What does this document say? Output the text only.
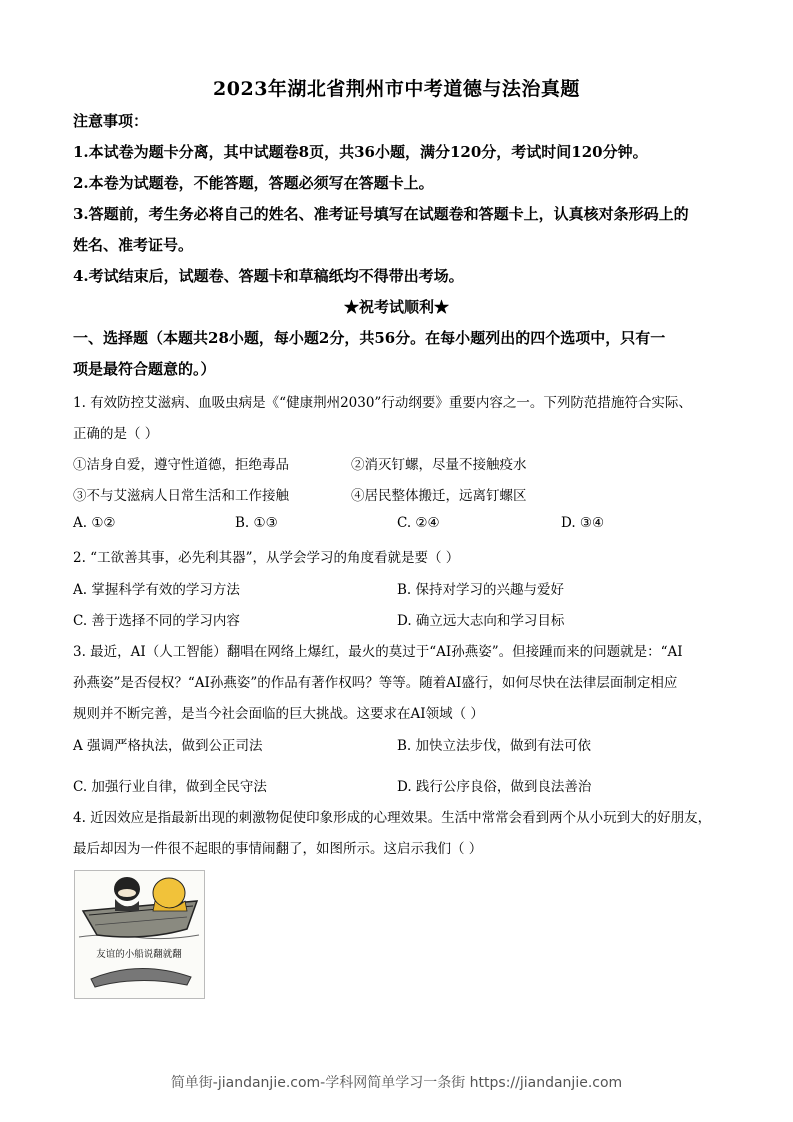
2023年湖北省荆州市中考道德与法治真题
注意事项：
1.本试卷为题卡分离，其中试题卷8页，共36小题，满分120分，考试时间120分钟。
2.本卷为试题卷，不能答题，答题必须写在答题卡上。
3.答题前，考生务必将自己的姓名、准考证号填写在试题卷和答题卡上，认真核对条形码上的
姓名、准考证号。
4.考试结束后，试题卷、答题卡和草稿纸均不得带出考场。
★祝考试顺利★
一、选择题（本题共28小题，每小题2分，共56分。在每小题列出的四个选项中，只有一
项是最符合题意的。）
1. 有效防控艾滋病、血吸虫病是《“健康荆州2030”行动纲要》重要内容之一。下列防范措施符合实际、
正确的是（ ）
①洁身自爱，遵守性道德，拒绝毒品	②消灭钉螺，尽量不接触疫水
③不与艾滋病人日常生活和工作接触	④居民整体搬迁，远离钉螺区
A. ①②	B. ①③	C. ②④	D. ③④
2. “工欲善其事，必先利其器”，从学会学习的角度看就是要（ ）
A. 掌握科学有效的学习方法	B. 保持对学习的兴趣与爱好
C. 善于选择不同的学习内容	D. 确立远大志向和学习目标
3. 最近，AI（人工智能）翻唱在网络上爆红，最火的莫过于“AI孙燕姿”。但接踵而来的问题就是：“AI
孙燕姿”是否侵权？“AI孙燕姿”的作品有著作权吗？等等。随着AI盛行，如何尽快在法律层面制定相应
规则并不断完善，是当今社会面临的巨大挑战。这要求在AI领域（ ）
A 强调严格执法，做到公正司法	B. 加快立法步伐，做到有法可依
C. 加强行业自律，做到全民守法	D. 践行公序良俗，做到良法善治
4. 近因效应是指最新出现的刺激物促使印象形成的心理效果。生活中常常会看到两个从小玩到大的好朋友，
最后却因为一件很不起眼的事情闹翻了，如图所示。这启示我们（ ）
友谊的小船说翻就翻
简单街-jiandanjie.com-学科网简单学习一条街 https://jiandanjie.com
